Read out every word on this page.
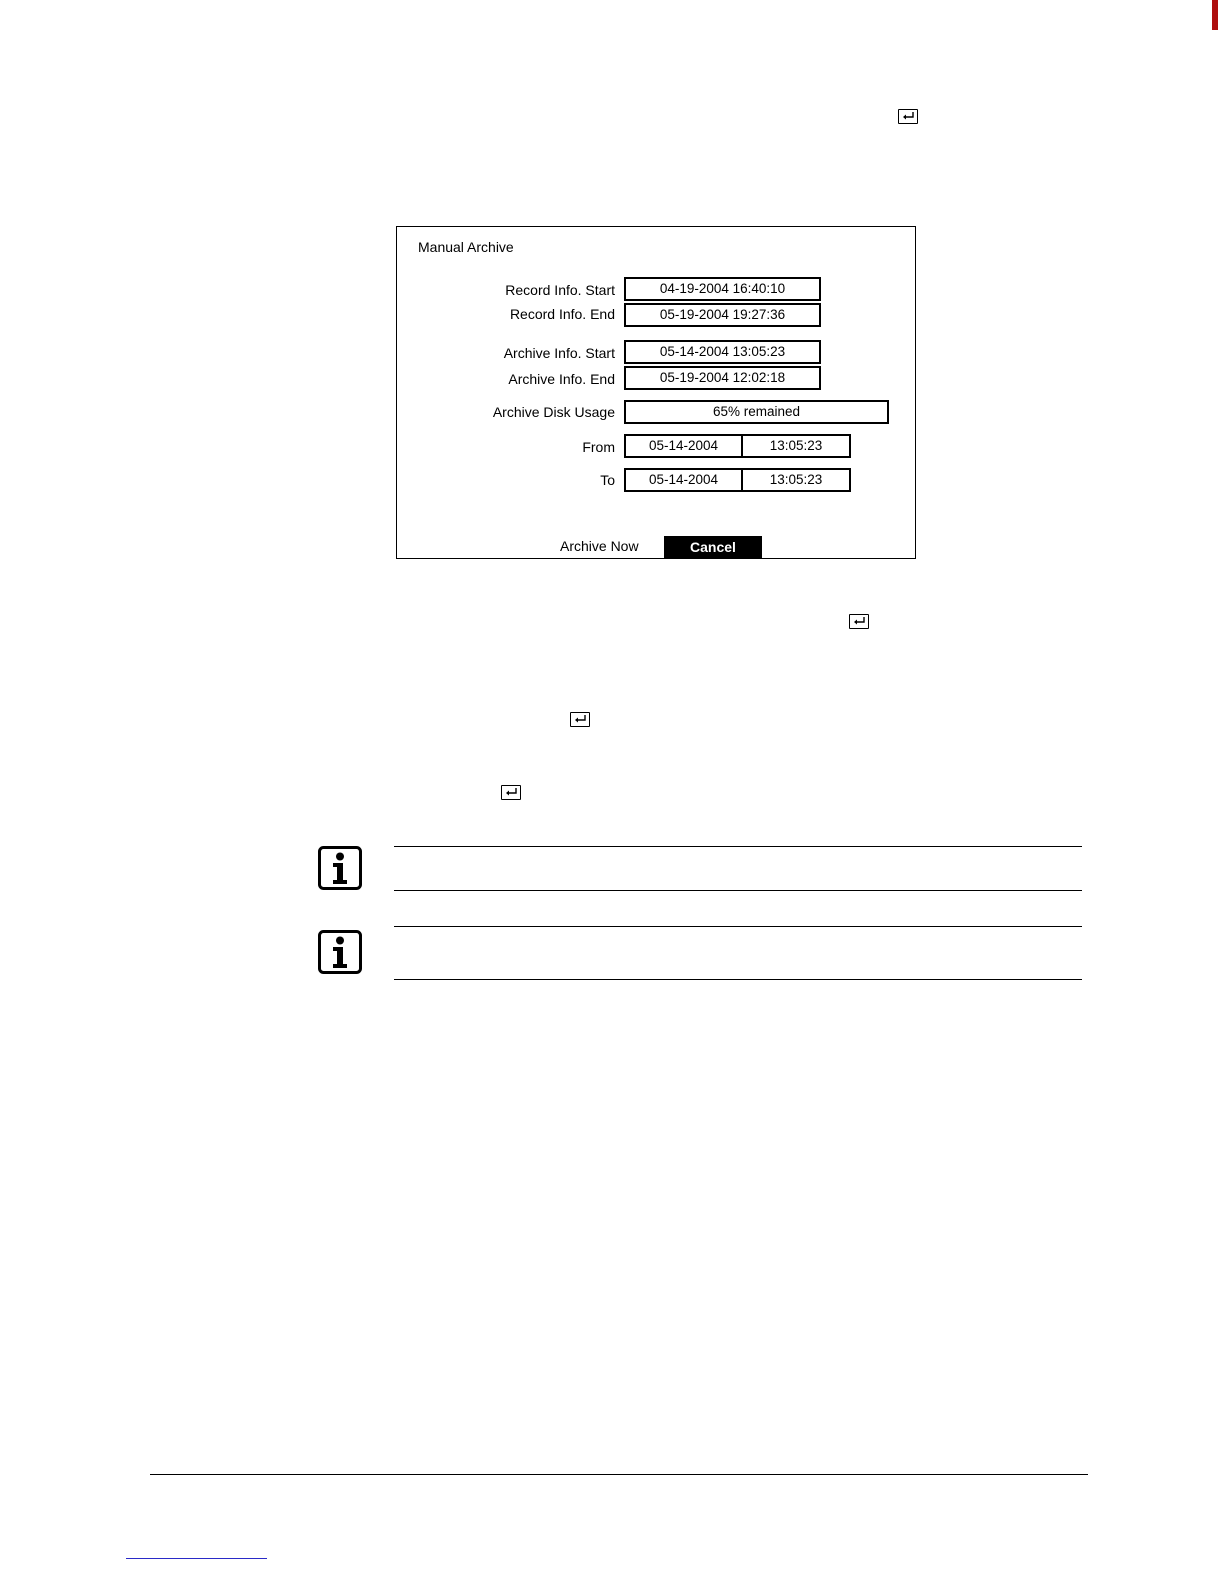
Manual Archive
Record Info. Start	04-19-2004 16:40:10
Record Info. End	05-19-2004 19:27:36
Archive Info. Start	05-14-2004 13:05:23
Archive Info. End	05-19-2004 12:02:18
Archive Disk Usage	65% remained
From	05-14-2004	13:05:23
To	05-14-2004	13:05:23
Archive Now	Cancel
